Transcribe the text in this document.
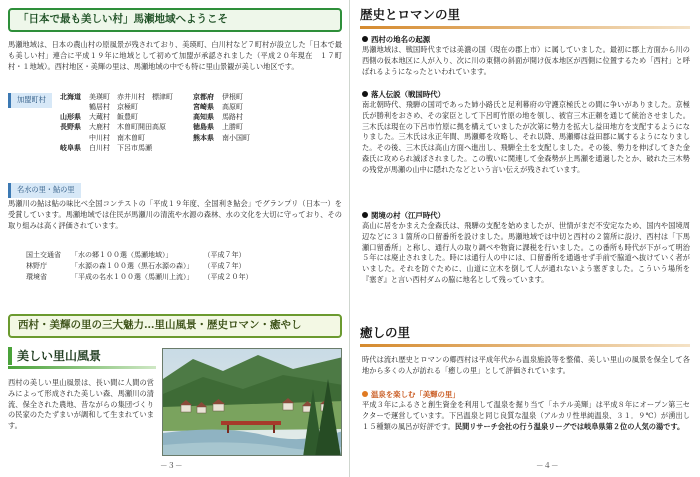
「日本で最も美しい村」馬瀬地域へようこそ

馬瀬地域は、日本の農山村の原風景が残されており、美瑛町、白川村など７町村が設立した「日本で最も美しい村」連合に平成１９年に地域として初めて加盟が承認されました（平成２０年現在　１７町村・１地域）。西村地区・美輝の里は、馬瀬地域の中でも特に里山景観が美しい地区です。

加盟町村	北海道	美瑛町　赤井川村　標津町	京都府	伊根町
	鶴居村　京極町	宮崎県	高原町
山形県	大蔵村　飯豊町	高知県	馬路村
長野県	大鹿村　木曽町開田高原	徳島県	上勝町
	中川村　南木曽町	熊本県	南小国町
岐阜県	白川村　下呂市馬瀬		
名水の里・鮎の里

馬瀬川の鮎は鮎の味比べ全国コンテストの「平成１９年度、全国利き鮎会」でグランプリ（日本一）を受賞しています。馬瀬地域では住民が馬瀬川の清流や水源の森林、水の文化を大切に守っており、その取り組みは高く評価されています。

国土交通省	「水の郷１００選（馬瀬地域）」	（平成７年）
林野庁	「水源の森１００選（黒石水源の森）」	（平成７年）
環境省	「平成の名水１００選（馬瀬川上流）」	（平成２０年）
西村・美輝の里の三大魅力…里山風景・歴史ロマン・癒やし
美しい里山風景

西村の美しい里山風景は、長い間に人間の営みによって形成された美しい森、馬瀬川の清流、保全された農地、昔ながらの集団づくりの民家のたたずまいが調和して生まれています。

－３－
歴史とロマンの里
西村の地名の起源

馬瀬地域は、戦国時代までは美濃の国（現在の郡上市）に属していました。最初に郡上方面から川の西側の仮本地区に人が入り、次に川の東側の斜面が開け仮本地区が西側に位置するため「西村」と呼ばれるようになったといわれています。

落人伝説（戦国時代）

南北朝時代、飛騨の国司であった姉小路氏と足利幕府の守護京極氏との間に争いがありました。京極氏が勝利をおさめ、その家臣として下呂町竹原の地を領し、被官三木正頼を通じて統治させました。三木氏は現在の下呂市竹原に拠を構えていましたが次第に勢力を拡大し益田地方を支配するようになりました。三木氏は永正年間、馬瀬郷を攻略し、それ以降、馬瀬郷は益田郡に属するようになりました。その後、三木氏は高山方面へ進出し、飛騨全土を支配しました。その後、勢力を伸ばしてきた金森氏に攻められ滅ぼされました。この戦いに関連して金森勢が上馬瀬を通過したとか、破れた三木勢の残党が馬瀬の山中に隠れたなどという言い伝えが残されています。

関境の村（江戸時代）

高山に居をかまえた金森氏は、飛騨の支配を始めましたが、世情がまだ不安定なため、国内や国境周辺などに３１箇所の口留番所を設けました。馬瀬地域では中切と西村の２箇所に設け、西村は「下馬瀬口留番所」と称し、通行人の取り調べや物資に課税を行いました。この番所も時代が下がって明治５年には廃止されました。時には通行人の中には、口留番所を通過せず手前で脇道へ抜けていく者がいました。それを防ぐために、山道に立木を倒して人が通れないよう塞ぎました。こういう場所を『塞ぎ』と言い西村ダムの脇に地名として残っています。

癒しの里

時代は流れ歴史とロマンの郷西村は平成年代から温泉施設等を整備、美しい里山の風景を保全して各地から多くの人が訪れる「癒しの里」として評価されています。

温泉を楽しむ「美輝の里」

平成３年にふるさと創生資金を利用して温泉を掘り当て「ホテル美輝」は平成８年にオープン第三セクターで運営しています。下呂温泉と同じ良質な温泉（アルカリ性単純温泉、３１．９℃）が湧出し１５種類の風呂が好評です。民間リサーチ会社の行う温泉リーグでは岐阜県第２位の人気の湯です。

－４－
